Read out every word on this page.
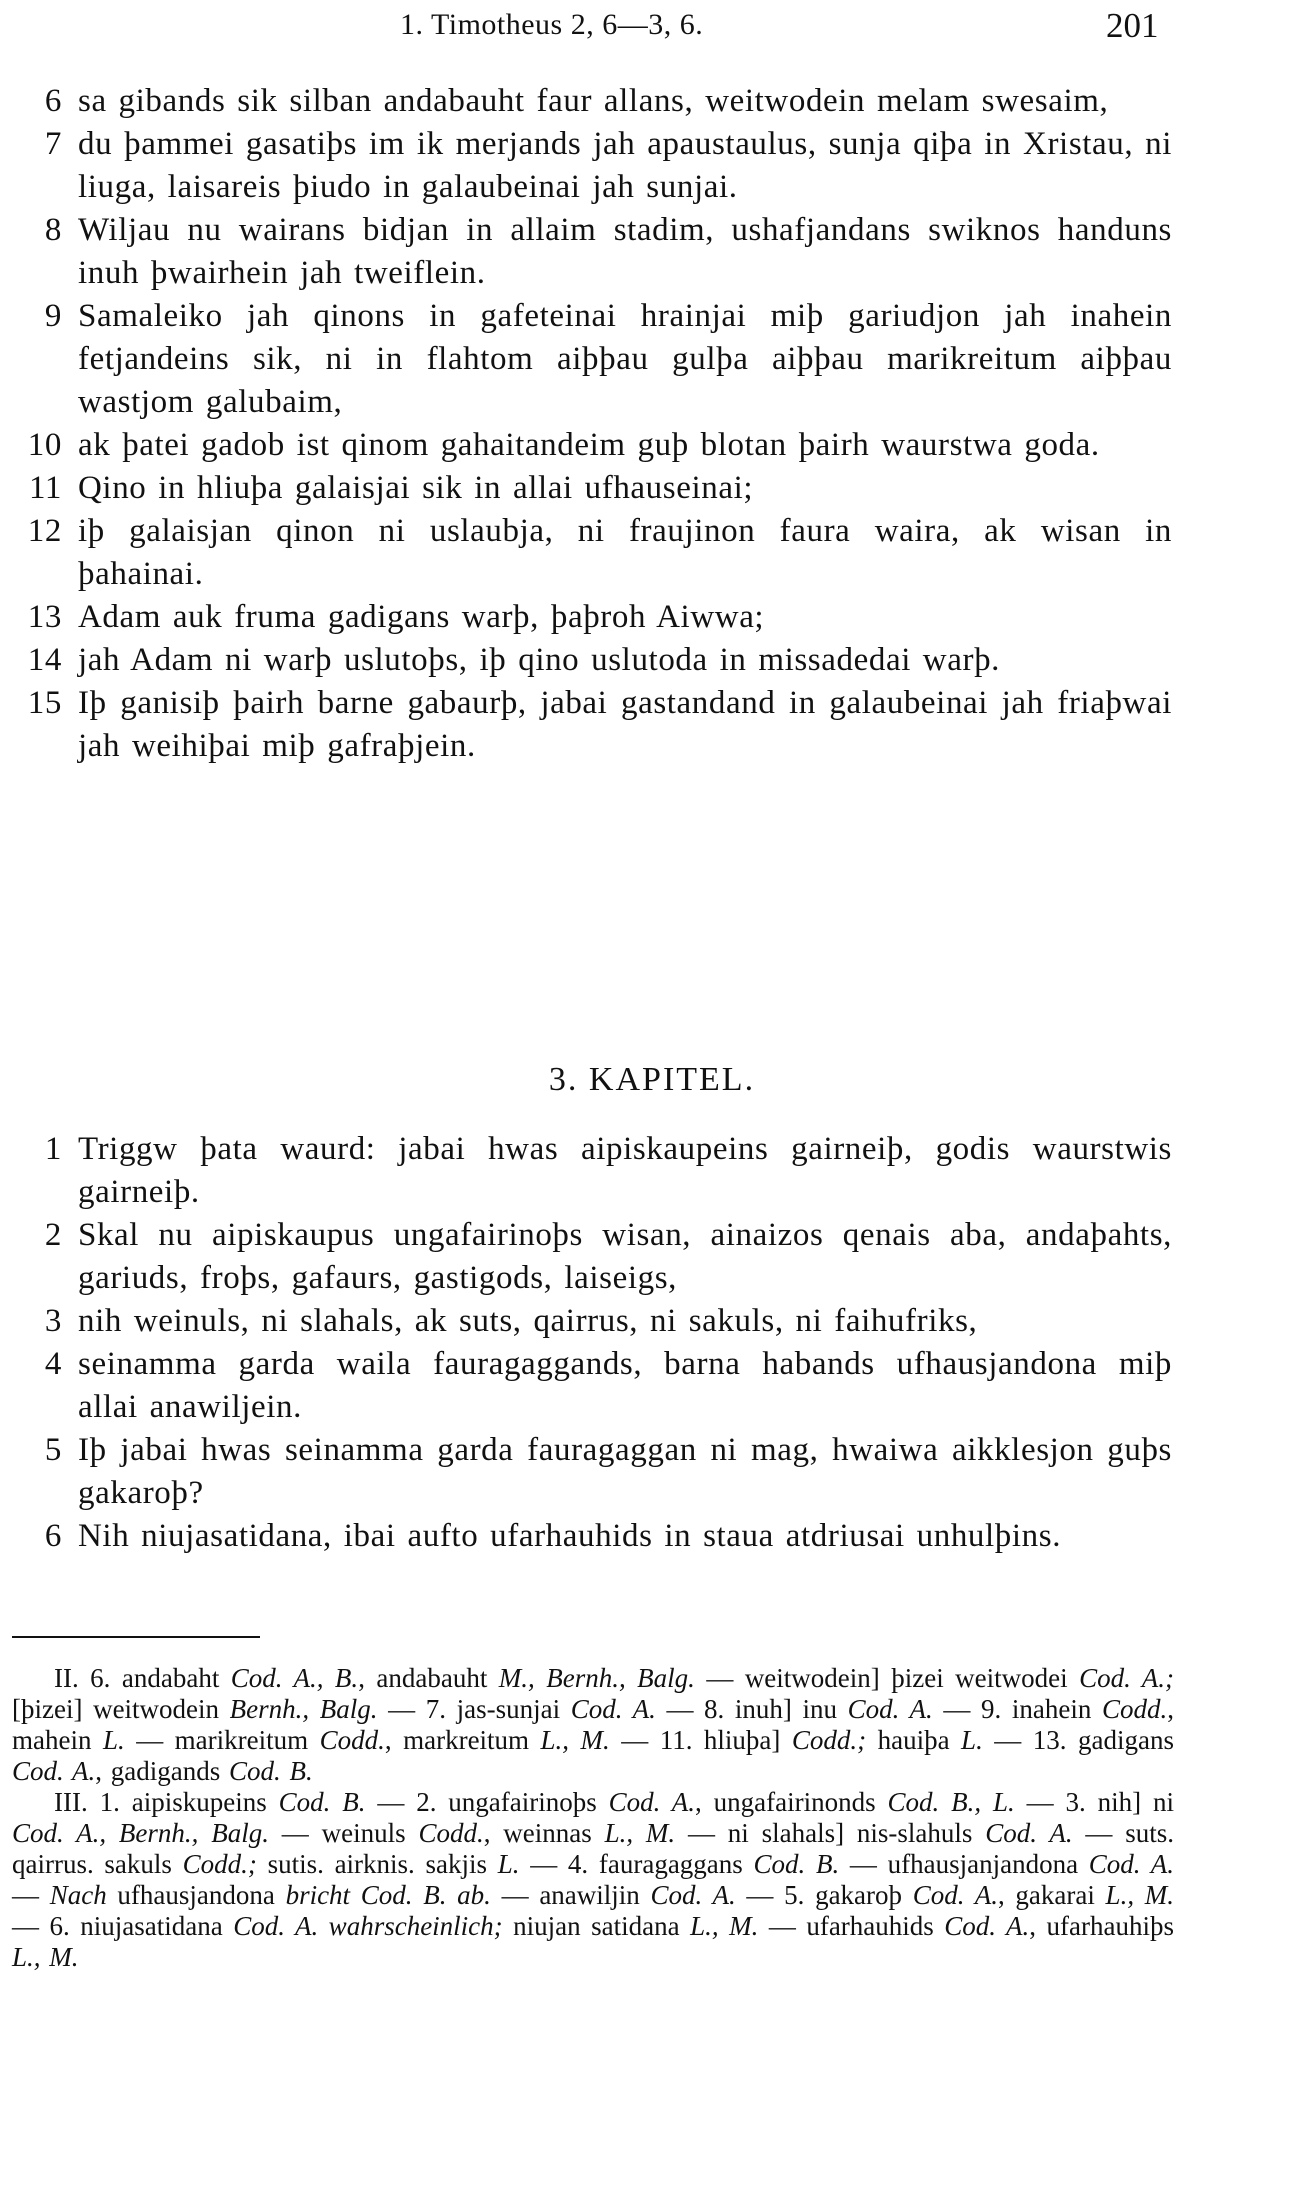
1. Timotheus 2, 6—3, 6.	201
6 sa gibands sik silban andabauht faur allans, weitwodein melam swesaim,
7 du þammei gasatiþs im ik merjands jah apaustaulus, sunja qiþa in Xristau, ni liuga, laisareis þiudo in galaubeinai jah sunjai.
8 Wiljau nu wairans bidjan in allaim stadim, ushafjandans swiknos handuns inuh þwairhein jah tweiflein.
9 Samaleiko jah qinons in gafeteinai hrainjai miþ gariudjon jah inahein fetjandeins sik, ni in flahtom aiþþau gulþa aiþþau marikreitum aiþþau wastjom galubaim,
10 ak þatei gadob ist qinom gahaitandeim guþ blotan þairh waurstwa goda.
11 Qino in hliuþa galaisjai sik in allai ufhauseinai;
12 iþ galaisjan qinon ni uslaubja, ni fraujinon faura waira, ak wisan in þahainai.
13 Adam auk fruma gadigans warþ, þaþroh Aiwwa;
14 jah Adam ni warþ uslutoþs, iþ qino uslutoda in missadedai warþ.
15 Iþ ganisiþ þairh barne gabaurþ, jabai gastandand in galaubeinai jah friaþwai jah weihiþai miþ gafraþjein.
3. KAPITEL.
1 Triggw þata waurd: jabai hwas aipiskaupeins gairneiþ, godis waurstwis gairneiþ.
2 Skal nu aipiskaupus ungafairinoþs wisan, ainaizos qenais aba, andaþahts, gariuds, froþs, gafaurs, gastigods, laiseigs,
3 nih weinuls, ni slahals, ak suts, qairrus, ni sakuls, ni faihufriks,
4 seinamma garda waila fauragaggands, barna habands ufhausjandona miþ allai anawiljein.
5 Iþ jabai hwas seinamma garda fauragaggan ni mag, hwaiwa aikklesjon guþs gakaroþ?
6 Nih niujasatidana, ibai aufto ufarhauhids in staua atdriusai unhulþins.
II. 6. andabaht Cod. A., B., andabauht M., Bernh., Balg. — weitwodein] þizei weitwodei Cod. A.; [þizei] weitwodein Bernh., Balg. — 7. jas-sunjai Cod. A. — 8. inuh] inu Cod. A. — 9. inahein Codd., mahein L. — marikreitum Codd., markreitum L., M. — 11. hliuþa] Codd.; hauiþa L. — 13. gadigans Cod. A., gadigands Cod. B.
III. 1. aipiskupeins Cod. B. — 2. ungafairinoþs Cod. A., ungafairinonds Cod. B., L. — 3. nih] ni Cod. A., Bernh., Balg. — weinuls Codd., weinnas L., M. — ni slahals] nis-slahuls Cod. A. — suts. qairrus. sakuls Codd.; sutis. airknis. sakjis L. — 4. fauragaggans Cod. B. — ufhausjanjandona Cod. A. — Nach ufhausjandona bricht Cod. B. ab. — anawiljin Cod. A. — 5. gakaroþ Cod. A., gakarai L., M. — 6. niujasatidana Cod. A. wahrscheinlich; niujan satidana L., M. — ufarhauhids Cod. A., ufarhauhiþs L., M.
